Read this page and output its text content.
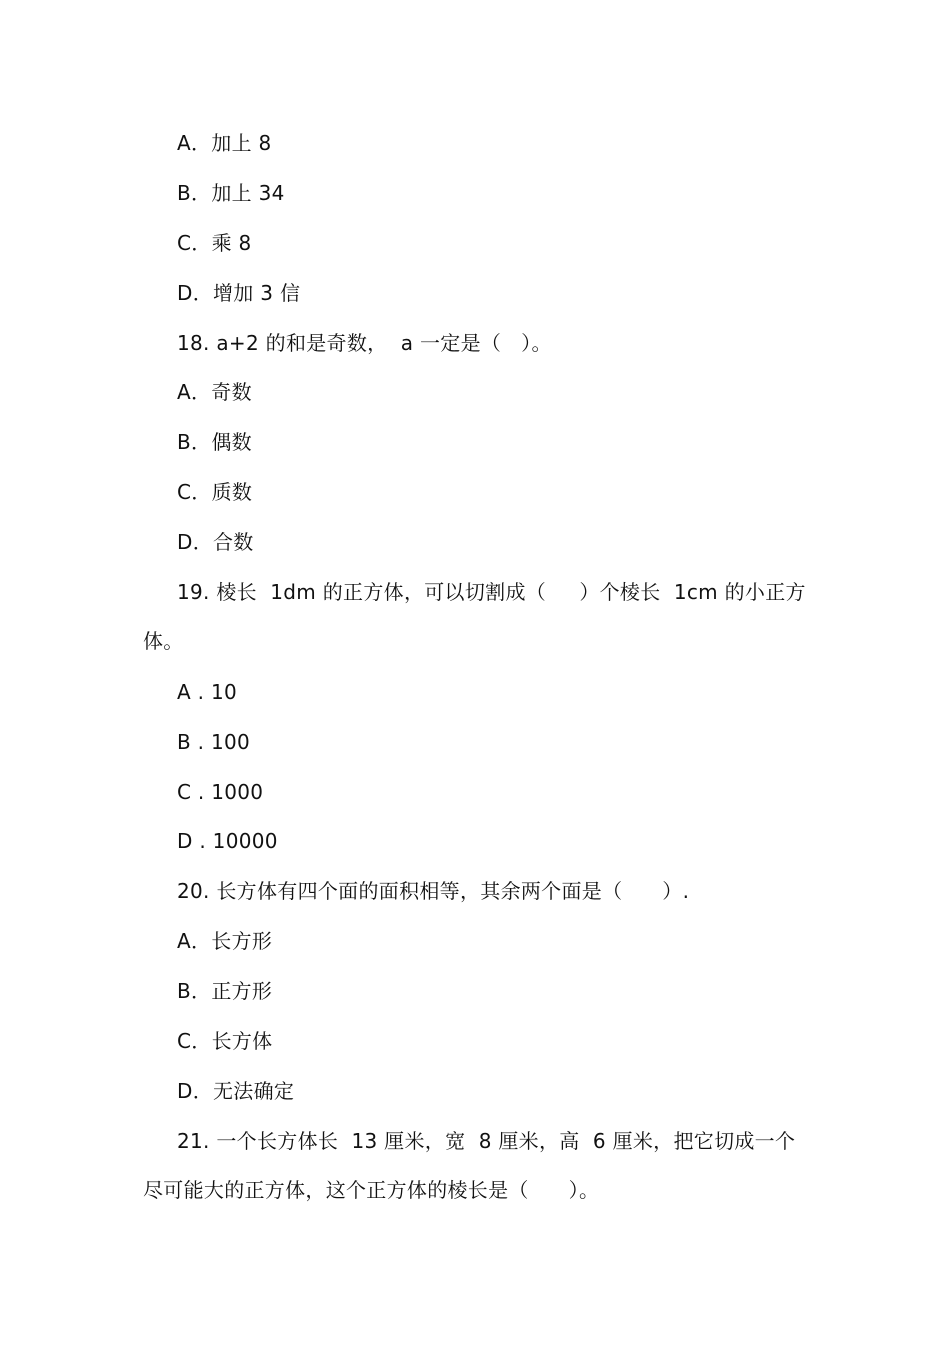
A．加上 8
B．加上 34
C．乘 8
D．增加 3 信
18. a+2 的和是奇数，  a 一定是（   ）。
A．奇数
B．偶数
C．质数
D．合数
19. 棱长  1dm 的正方体，可以切割成（     ）个棱长  1cm 的小正方
体。
A . 10
B . 100
C . 1000
D . 10000
20. 长方体有四个面的面积相等，其余两个面是（      ）.
A．长方形
B．正方形
C．长方体
D．无法确定
21. 一个长方体长  13 厘米，宽  8 厘米，高  6 厘米，把它切成一个
尽可能大的正方体，这个正方体的棱长是（      ）。
